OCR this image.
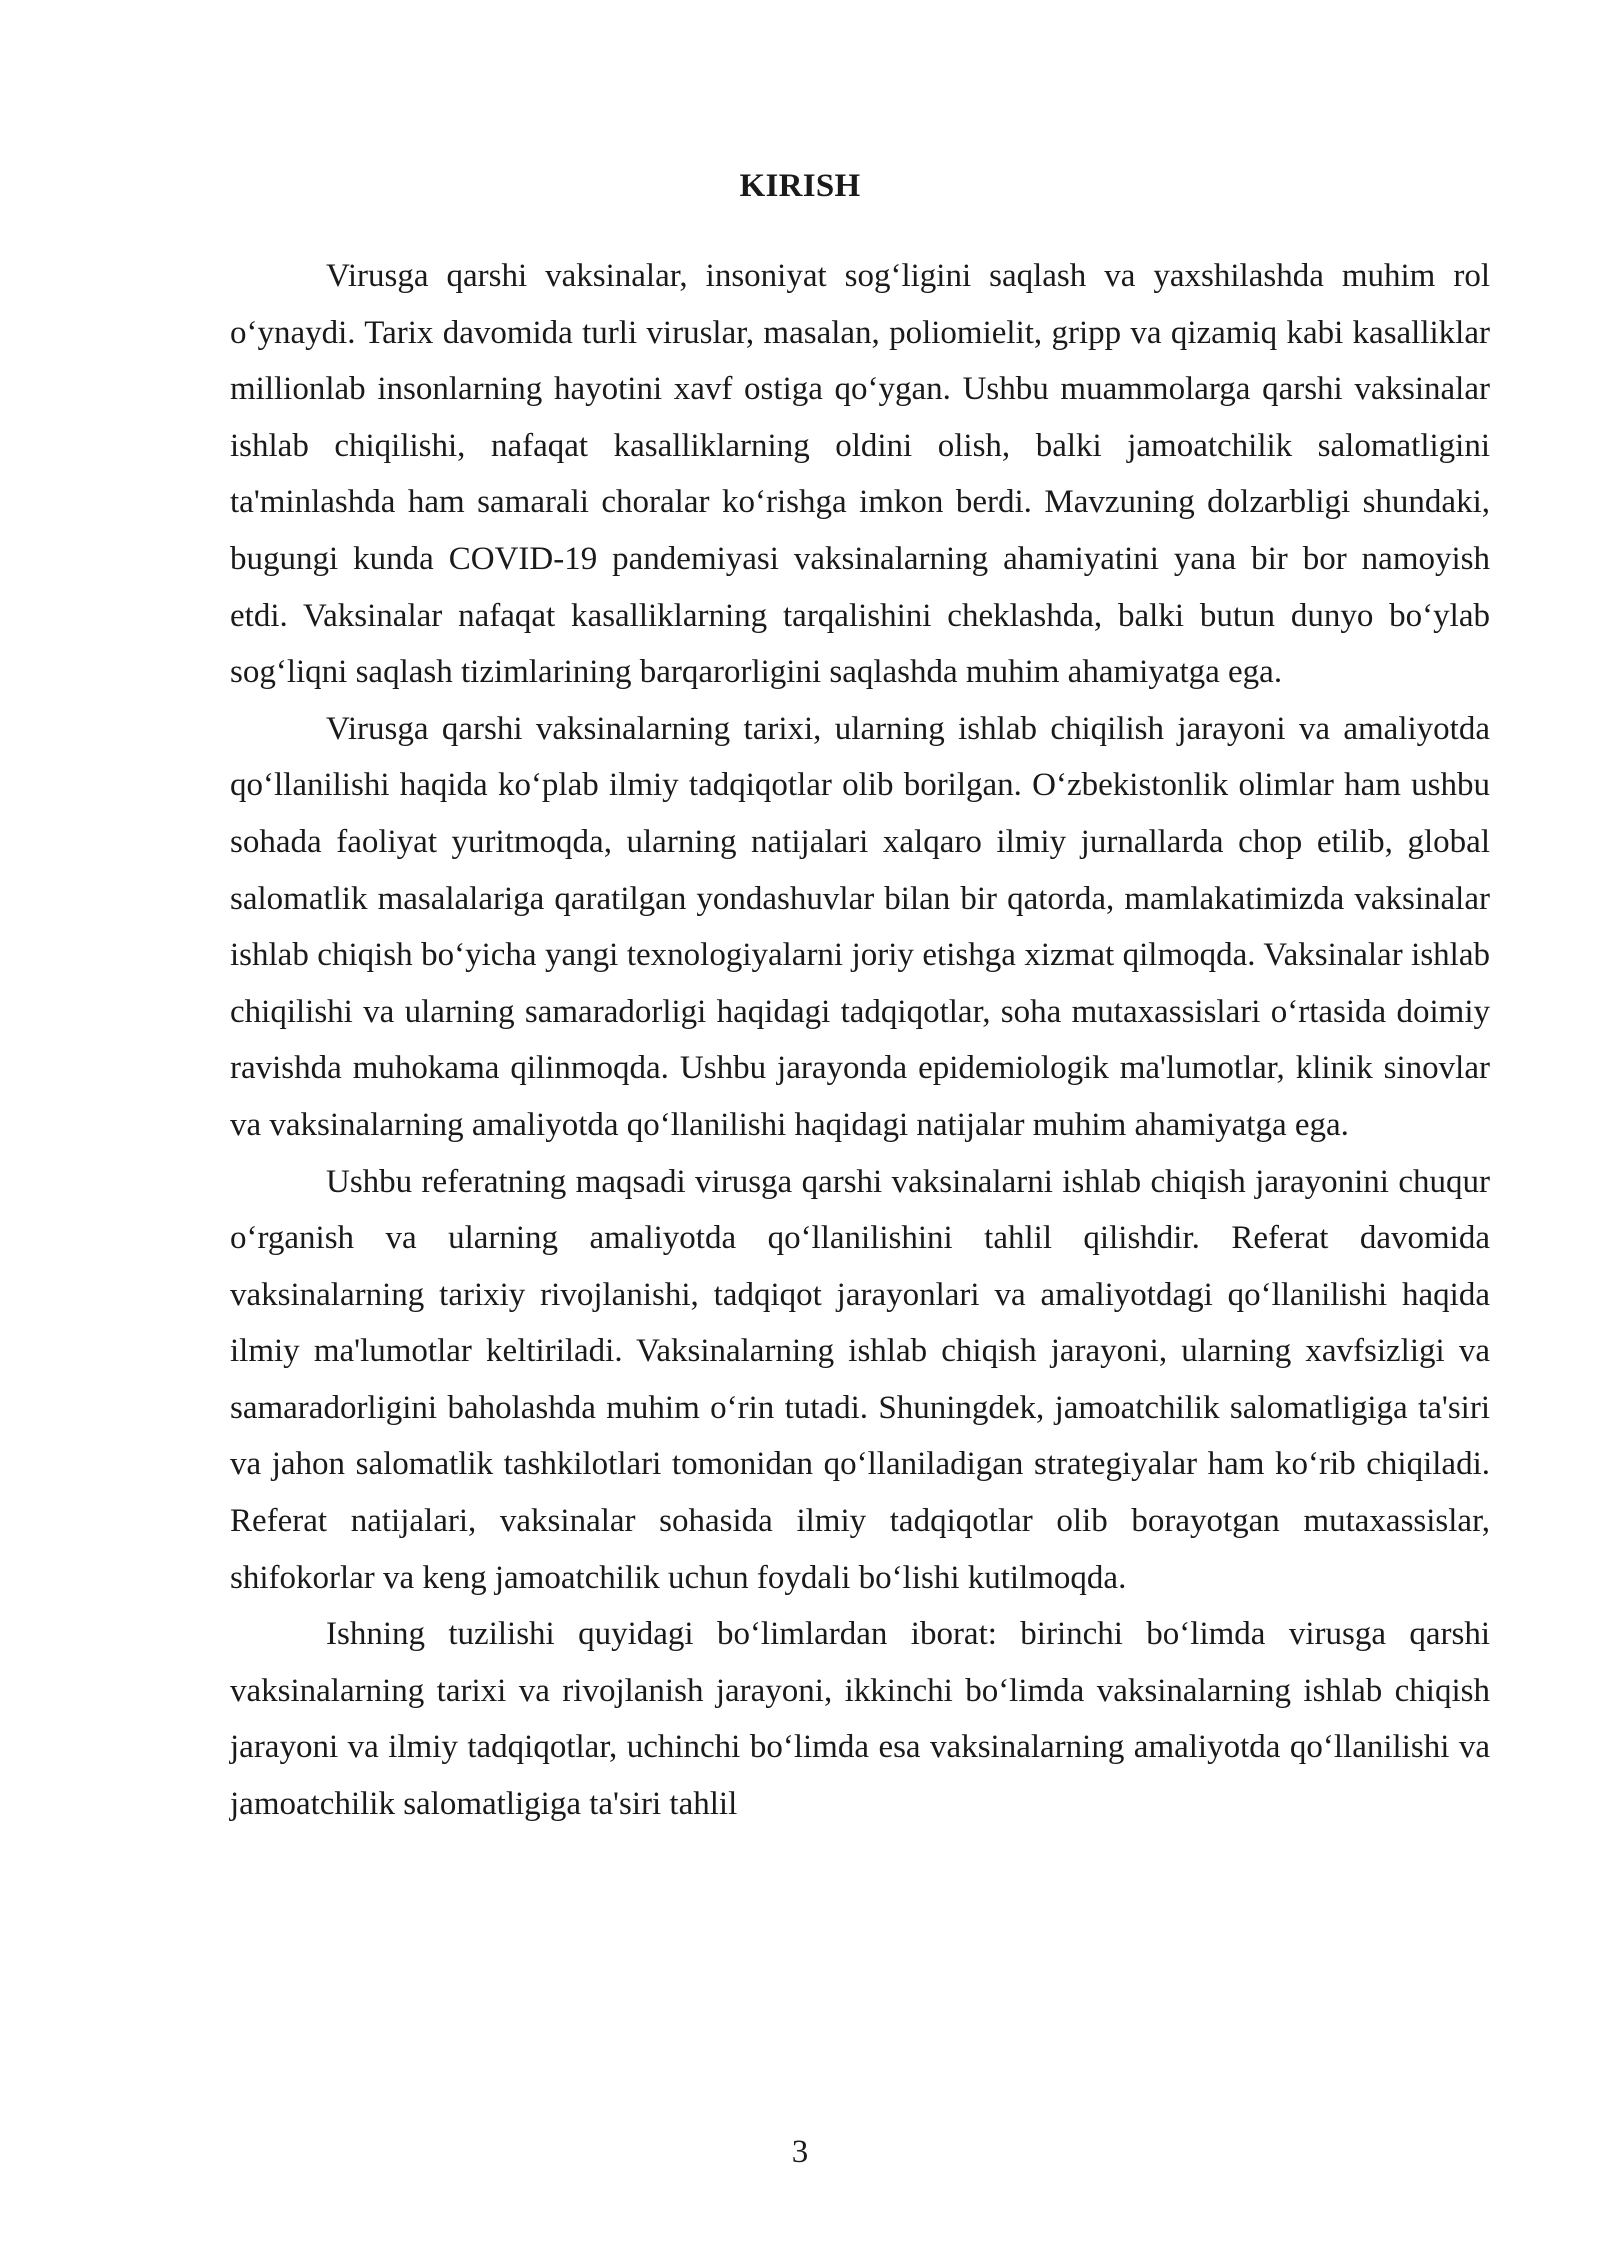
KIRISH

Virusga qarshi vaksinalar, insoniyat sog‘ligini saqlash va yaxshilashda muhim rol o‘ynaydi. Tarix davomida turli viruslar, masalan, poliomielit, gripp va qizamiq kabi kasalliklar millionlab insonlarning hayotini xavf ostiga qo‘ygan. Ushbu muammolarga qarshi vaksinalar ishlab chiqilishi, nafaqat kasalliklarning oldini olish, balki jamoatchilik salomatligini ta'minlashda ham samarali choralar ko‘rishga imkon berdi. Mavzuning dolzarbligi shundaki, bugungi kunda COVID-19 pandemiyasi vaksinalarning ahamiyatini yana bir bor namoyish etdi. Vaksinalar nafaqat kasalliklarning tarqalishini cheklashda, balki butun dunyo bo‘ylab sog‘liqni saqlash tizimlarining barqarorligini saqlashda muhim ahamiyatga ega.

Virusga qarshi vaksinalarning tarixi, ularning ishlab chiqilish jarayoni va amaliyotda qo‘llanilishi haqida ko‘plab ilmiy tadqiqotlar olib borilgan. O‘zbekistonlik olimlar ham ushbu sohada faoliyat yuritmoqda, ularning natijalari xalqaro ilmiy jurnallarda chop etilib, global salomatlik masalalariga qaratilgan yondashuvlar bilan bir qatorda, mamlakatimizda vaksinalar ishlab chiqish bo‘yicha yangi texnologiyalarni joriy etishga xizmat qilmoqda. Vaksinalar ishlab chiqilishi va ularning samaradorligi haqidagi tadqiqotlar, soha mutaxassislari o‘rtasida doimiy ravishda muhokama qilinmoqda. Ushbu jarayonda epidemiologik ma'lumotlar, klinik sinovlar va vaksinalarning amaliyotda qo‘llanilishi haqidagi natijalar muhim ahamiyatga ega.

Ushbu referatning maqsadi virusga qarshi vaksinalarni ishlab chiqish jarayonini chuqur o‘rganish va ularning amaliyotda qo‘llanilishini tahlil qilishdir. Referat davomida vaksinalarning tarixiy rivojlanishi, tadqiqot jarayonlari va amaliyotdagi qo‘llanilishi haqida ilmiy ma'lumotlar keltiriladi. Vaksinalarning ishlab chiqish jarayoni, ularning xavfsizligi va samaradorligini baholashda muhim o‘rin tutadi. Shuningdek, jamoatchilik salomatligiga ta'siri va jahon salomatlik tashkilotlari tomonidan qo‘llaniladigan strategiyalar ham ko‘rib chiqiladi. Referat natijalari, vaksinalar sohasida ilmiy tadqiqotlar olib borayotgan mutaxassislar, shifokorlar va keng jamoatchilik uchun foydali bo‘lishi kutilmoqda.

Ishning tuzilishi quyidagi bo‘limlardan iborat: birinchi bo‘limda virusga qarshi vaksinalarning tarixi va rivojlanish jarayoni, ikkinchi bo‘limda vaksinalarning ishlab chiqish jarayoni va ilmiy tadqiqotlar, uchinchi bo‘limda esa vaksinalarning amaliyotda qo‘llanilishi va jamoatchilik salomatligiga ta'siri tahlil

3
